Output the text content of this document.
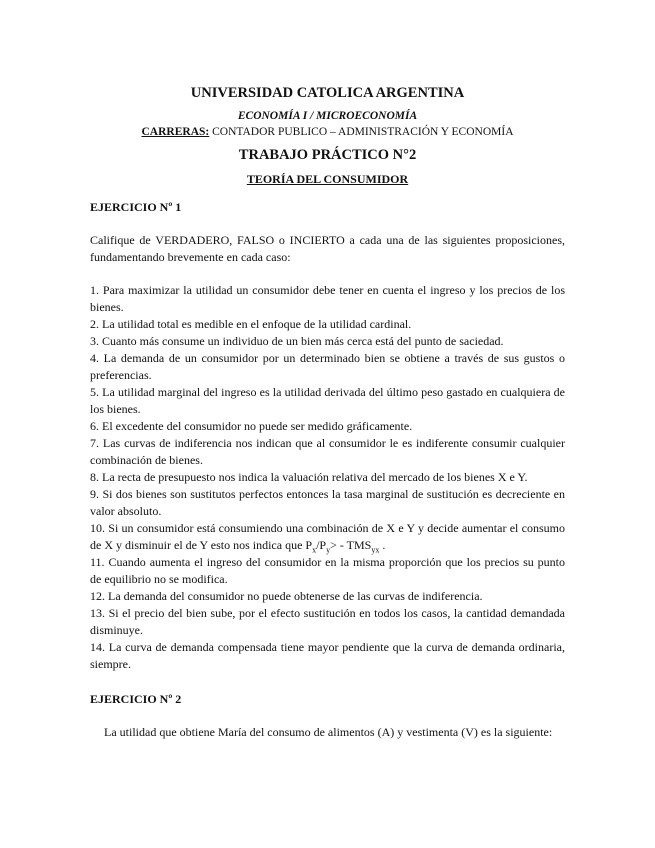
UNIVERSIDAD CATOLICA ARGENTINA
ECONOMÍA I / MICROECONOMÍA
CARRERAS: CONTADOR PUBLICO – ADMINISTRACIÓN Y ECONOMÍA
TRABAJO PRÁCTICO N°2
TEORÍA DEL CONSUMIDOR
EJERCICIO Nº 1
Califique de VERDADERO, FALSO o INCIERTO a cada una de las siguientes proposiciones, fundamentando brevemente en cada caso:

1. Para maximizar la utilidad un consumidor debe tener en cuenta el ingreso y los precios de los bienes.

2. La utilidad total es medible en el enfoque de la utilidad cardinal.

3. Cuanto más consume un individuo de un bien más cerca está del punto de saciedad.

4. La demanda de un consumidor por un determinado bien se obtiene a través de sus gustos o preferencias.

5. La utilidad marginal del ingreso es la utilidad derivada del último peso gastado en cualquiera de los bienes.

6. El excedente del consumidor no puede ser medido gráficamente.

7. Las curvas de indiferencia nos indican que al consumidor le es indiferente consumir cualquier combinación de bienes.

8. La recta de presupuesto nos indica la valuación relativa del mercado de los bienes X e Y.

9. Si dos bienes son sustitutos perfectos entonces la tasa marginal de sustitución es decreciente en valor absoluto.

10. Si un consumidor está consumiendo una combinación de X e Y y decide aumentar el consumo de X y disminuir el de Y esto nos indica que $P_x/P_y> - TMS_{yx}$ .

11. Cuando aumenta el ingreso del consumidor en la misma proporción que los precios su punto de equilibrio no se modifica.

12. La demanda del consumidor no puede obtenerse de las curvas de indiferencia.

13. Si el precio del bien sube, por el efecto sustitución en todos los casos, la cantidad demandada disminuye.

14. La curva de demanda compensada tiene mayor pendiente que la curva de demanda ordinaria, siempre.

EJERCICIO Nº 2
La utilidad que obtiene María del consumo de alimentos (A) y vestimenta (V) es la siguiente:
